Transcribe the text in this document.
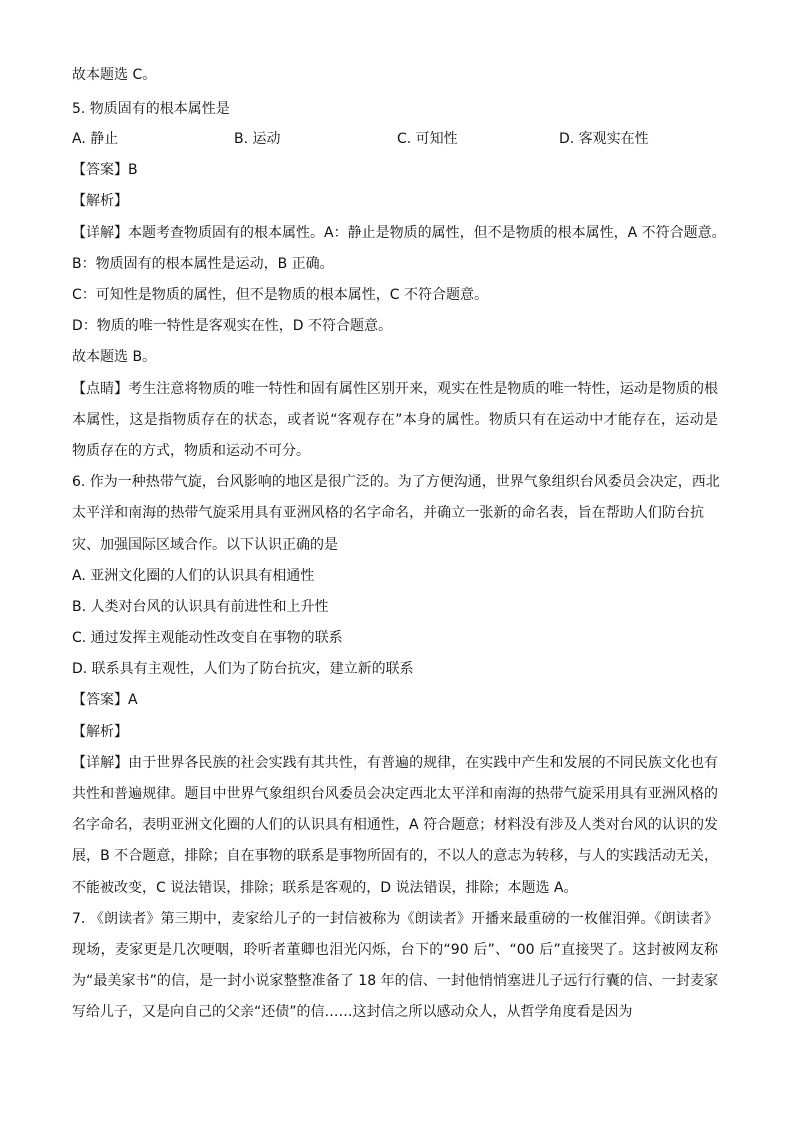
故本题选 C。
5. 物质固有的根本属性是
A. 静止	B. 运动	C. 可知性	D. 客观实在性
【答案】B
【解析】
【详解】本题考查物质固有的根本属性。A：静止是物质的属性，但不是物质的根本属性，A 不符合题意。
B：物质固有的根本属性是运动，B 正确。
C：可知性是物质的属性，但不是物质的根本属性，C 不符合题意。
D：物质的唯一特性是客观实在性，D 不符合题意。
故本题选 B。
【点睛】考生注意将物质的唯一特性和固有属性区别开来，观实在性是物质的唯一特性，运动是物质的根
本属性，这是指物质存在的状态，或者说“客观存在”本身的属性。物质只有在运动中才能存在，运动是
物质存在的方式，物质和运动不可分。
6. 作为一种热带气旋，台风影响的地区是很广泛的。为了方便沟通，世界气象组织台风委员会决定，西北
太平洋和南海的热带气旋采用具有亚洲风格的名字命名，并确立一张新的命名表，旨在帮助人们防台抗
灾、加强国际区域合作。以下认识正确的是
A. 亚洲文化圈的人们的认识具有相通性
B. 人类对台风的认识具有前进性和上升性
C. 通过发挥主观能动性改变自在事物的联系
D. 联系具有主观性，人们为了防台抗灾，建立新的联系
【答案】A
【解析】
【详解】由于世界各民族的社会实践有其共性，有普遍的规律，在实践中产生和发展的不同民族文化也有
共性和普遍规律。题目中世界气象组织台风委员会决定西北太平洋和南海的热带气旋采用具有亚洲风格的
名字命名，表明亚洲文化圈的人们的认识具有相通性，A 符合题意；材料没有涉及人类对台风的认识的发
展，B 不合题意，排除；自在事物的联系是事物所固有的，不以人的意志为转移，与人的实践活动无关，
不能被改变，C 说法错误，排除；联系是客观的，D 说法错误，排除；本题选 A。
7. 《朗读者》第三期中，麦家给儿子的一封信被称为《朗读者》开播来最重磅的一枚催泪弹。《朗读者》
现场，麦家更是几次哽咽，聆听者董卿也泪光闪烁，台下的“90 后”、“00 后”直接哭了。这封被网友称
为“最美家书”的信，是一封小说家整整准备了 18 年的信、一封他悄悄塞进儿子远行行囊的信、一封麦家
写给儿子，又是向自己的父亲“还债”的信……这封信之所以感动众人，从哲学角度看是因为
